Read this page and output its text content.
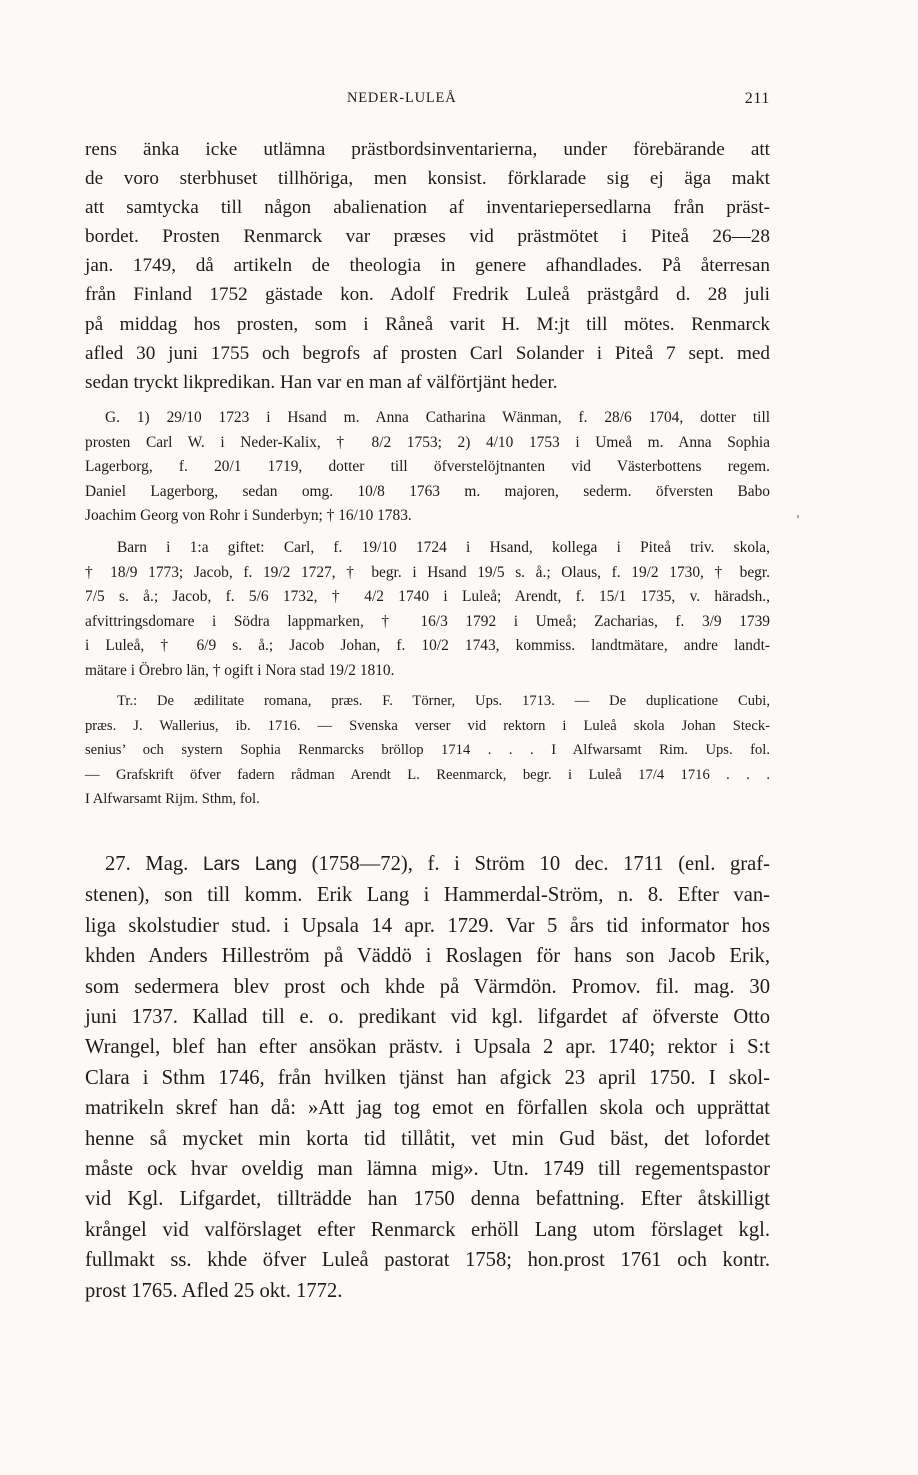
NEDER-LULEÅ	211
rens änka icke utlämna prästbordsinventarierna, under förebärande att
de voro sterbhuset tillhöriga, men konsist. förklarade sig ej äga makt
att samtycka till någon abalienation af inventariepersedlarna från präst-
bordet. Prosten Renmarck var præses vid prästmötet i Piteå 26—28
jan. 1749, då artikeln de theologia in genere afhandlades. På återresan
från Finland 1752 gästade kon. Adolf Fredrik Luleå prästgård d. 28 juli
på middag hos prosten, som i Råneå varit H. M:jt till mötes. Renmarck
afled 30 juni 1755 och begrofs af prosten Carl Solander i Piteå 7 sept. med
sedan tryckt likpredikan. Han var en man af välförtjänt heder.
G. 1) 29/10 1723 i Hsand m. Anna Catharina Wänman, f. 28/6 1704, dotter till
prosten Carl W. i Neder-Kalix, † 8/2 1753; 2) 4/10 1753 i Umeå m. Anna Sophia
Lagerborg, f. 20/1 1719, dotter till öfverstelöjtnanten vid Västerbottens regem.
Daniel Lagerborg, sedan omg. 10/8 1763 m. majoren, sederm. öfversten Babo
Joachim Georg von Rohr i Sunderbyn; † 16/10 1783.
Barn i 1:a giftet: Carl, f. 19/10 1724 i Hsand, kollega i Piteå triv. skola,
† 18/9 1773; Jacob, f. 19/2 1727, † begr. i Hsand 19/5 s. å.; Olaus, f. 19/2 1730, † begr.
7/5 s. å.; Jacob, f. 5/6 1732, † 4/2 1740 i Luleå; Arendt, f. 15/1 1735, v. häradsh.,
afvittringsdomare i Södra lappmarken, † 16/3 1792 i Umeå; Zacharias, f. 3/9 1739
i Luleå, † 6/9 s. å.; Jacob Johan, f. 10/2 1743, kommiss. landtmätare, andre landt-
mätare i Örebro län, † ogift i Nora stad 19/2 1810.
Tr.: De ædilitate romana, præs. F. Törner, Ups. 1713. — De duplicatione Cubi,
præs. J. Wallerius, ib. 1716. — Svenska verser vid rektorn i Luleå skola Johan Steck-
senius’ och systern Sophia Renmarcks bröllop 1714 . . . I Alfwarsamt Rim. Ups. fol.
— Grafskrift öfver fadern rådman Arendt L. Reenmarck, begr. i Luleå 17/4 1716 . . .
I Alfwarsamt Rijm. Sthm, fol.
27. Mag. Lars Lang (1758—72), f. i Ström 10 dec. 1711 (enl. graf-
stenen), son till komm. Erik Lang i Hammerdal-Ström, n. 8. Efter van-
liga skolstudier stud. i Upsala 14 apr. 1729. Var 5 års tid informator hos
khden Anders Hilleström på Väddö i Roslagen för hans son Jacob Erik,
som sedermera blev prost och khde på Värmdön. Promov. fil. mag. 30
juni 1737. Kallad till e. o. predikant vid kgl. lifgardet af öfverste Otto
Wrangel, blef han efter ansökan prästv. i Upsala 2 apr. 1740; rektor i S:t
Clara i Sthm 1746, från hvilken tjänst han afgick 23 april 1750. I skol-
matrikeln skref han då: »Att jag tog emot en förfallen skola och upprättat
henne så mycket min korta tid tillåtit, vet min Gud bäst, det lofordet
måste ock hvar oveldig man lämna mig». Utn. 1749 till regementspastor
vid Kgl. Lifgardet, tillträdde han 1750 denna befattning. Efter åtskilligt
krångel vid valförslaget efter Renmarck erhöll Lang utom förslaget kgl.
fullmakt ss. khde öfver Luleå pastorat 1758; hon.prost 1761 och kontr.
prost 1765. Afled 25 okt. 1772.
